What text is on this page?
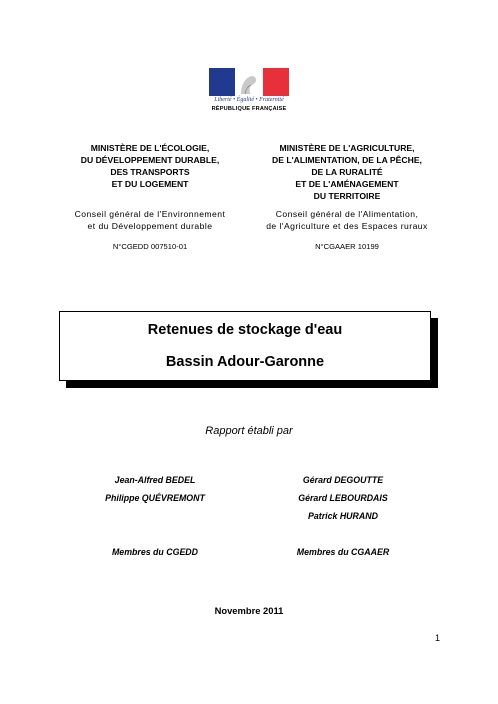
Liberté • Égalité • Fraternité
RÉPUBLIQUE FRANÇAISE
MINISTÈRE DE L'ÉCOLOGIE,
DU DÉVELOPPEMENT DURABLE,
DES TRANSPORTS
ET DU LOGEMENT
Conseil général de l'Environnement
et du Développement durable
N°CGEDD 007510-01
MINISTÈRE DE L'AGRICULTURE,
DE L'ALIMENTATION, DE LA PÊCHE,
DE LA RURALITÉ
ET DE L'AMÉNAGEMENT
DU TERRITOIRE
Conseil général de l'Alimentation,
de l'Agriculture et des Espaces ruraux
N°CGAAER 10199
Retenues de stockage d'eau
Bassin Adour-Garonne
Rapport établi par
Jean-Alfred BEDEL
Philippe QUÉVREMONT
Gérard DEGOUTTE
Gérard LEBOURDAIS
Patrick HURAND
Membres du CGEDD	Membres du CGAAER
Novembre 2011
1
